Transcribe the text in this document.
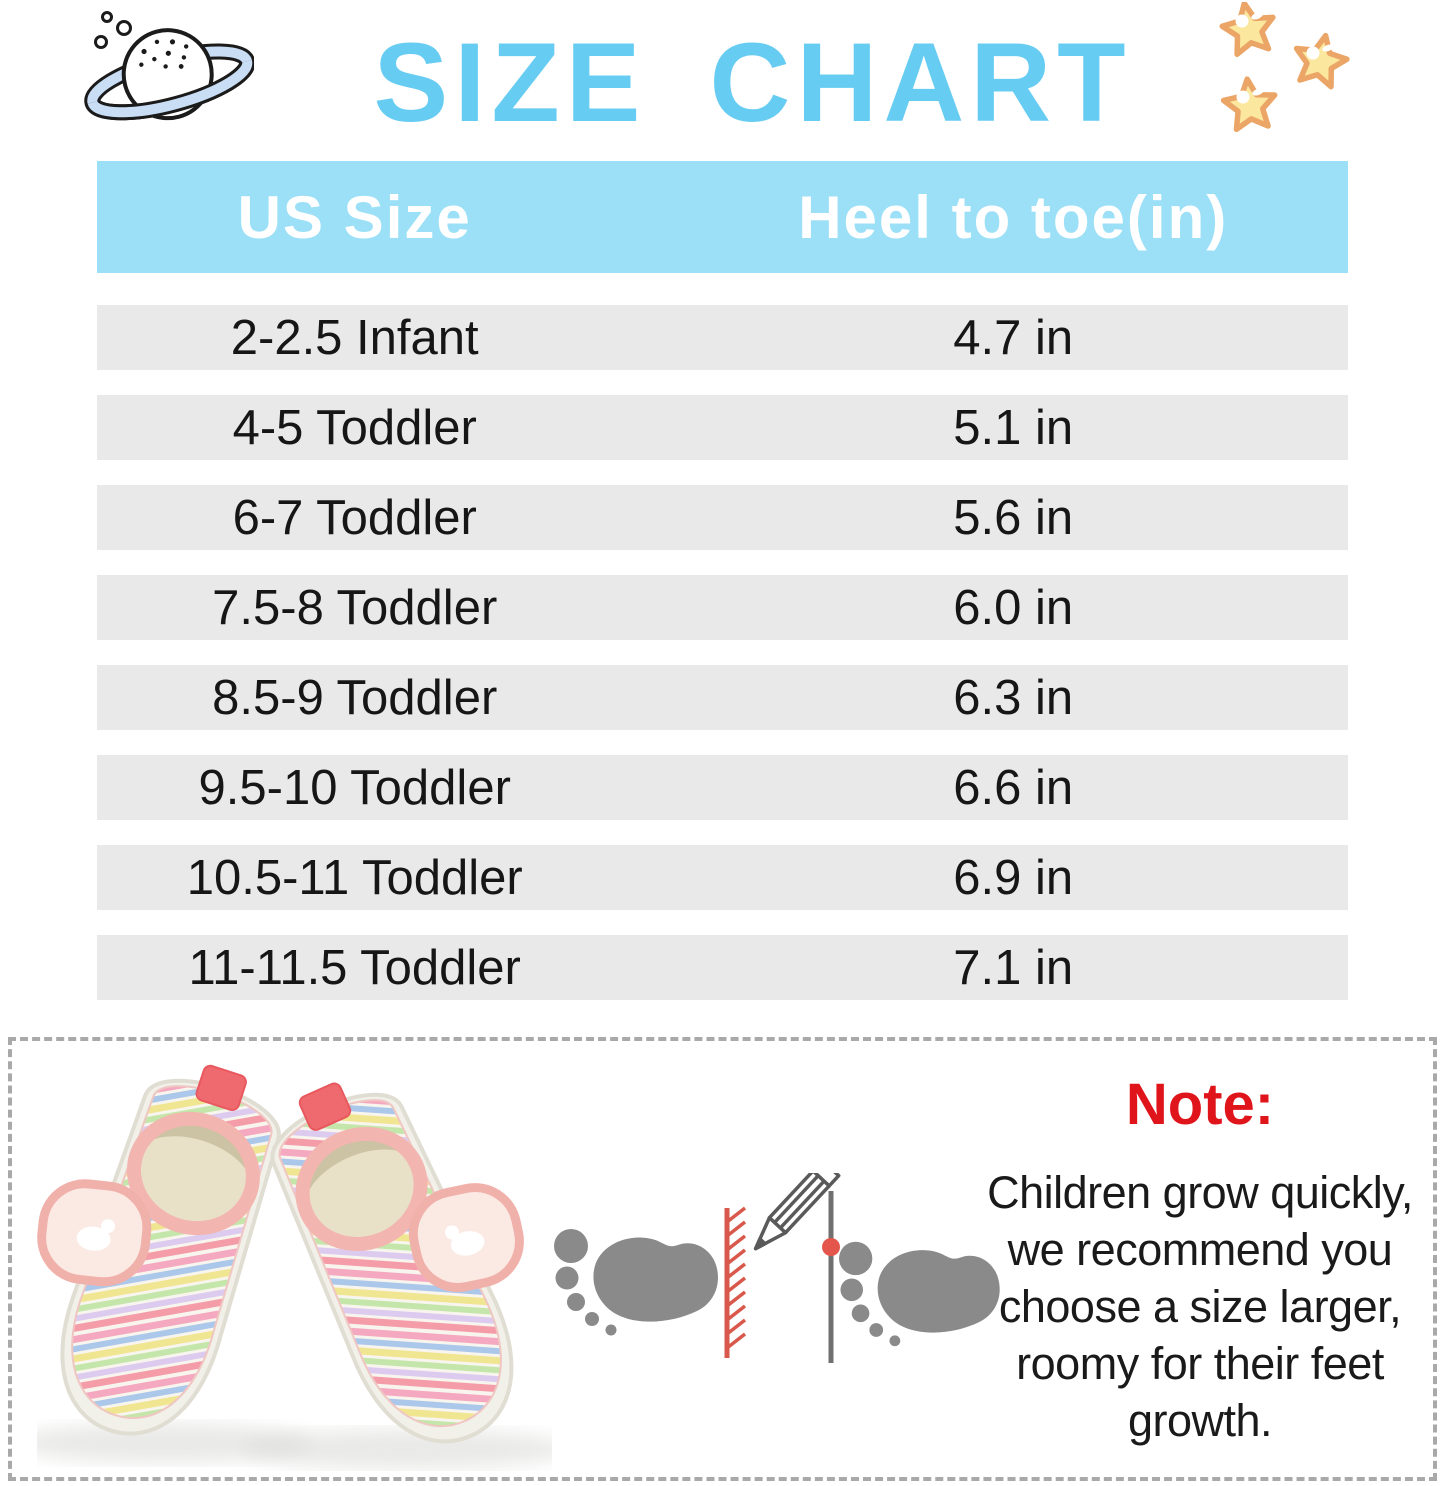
SIZE CHART
US Size	Heel to toe(in)
2-2.5 Infant	4.7 in
4-5 Toddler	5.1 in
6-7 Toddler	5.6 in
7.5-8 Toddler	6.0 in
8.5-9 Toddler	6.3 in
9.5-10 Toddler	6.6 in
10.5-11 Toddler	6.9 in
11-11.5 Toddler	7.1 in
Note:
Children grow quickly,
we recommend you
choose a size larger,
roomy for their feet
growth.
